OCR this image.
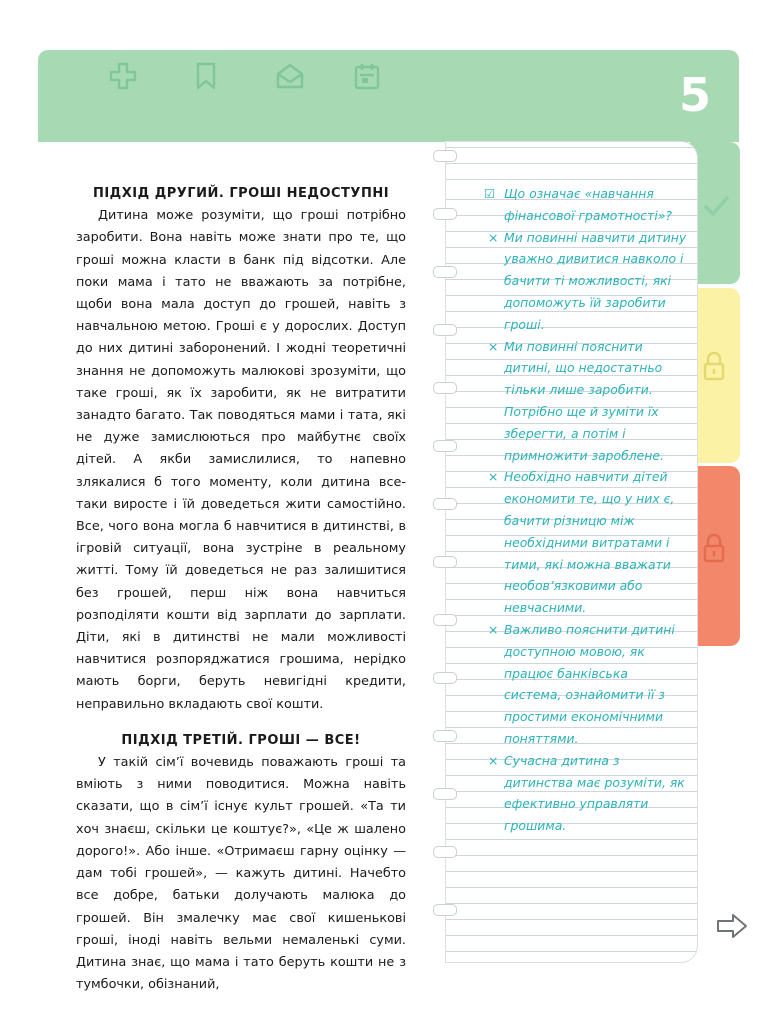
5
☑ Що означає «навчання фінансової грамотності»?
× Ми повинні навчити дитину уважно дивитися навколо і бачити ті можливості, які допоможуть їй заробити гроші.
× Ми повинні пояснити дитині, що недостатньо тільки лише заробити. Потрібно ще й зуміти їх зберегти, а потім і примножити зароблене.
× Необхідно навчити дітей економити те, що у них є, бачити різницю між необхідними витратами і тими, які можна вважати необов’язковими або невчасними.
× Важливо пояснити дитині доступною мовою, як працює банківська система, ознайомити її з простими економічними поняттями.
× Сучасна дитина з дитинства має розуміти, як ефективно управляти грошима.
ПІДХІД ДРУГИЙ. ГРОШІ НЕДОСТУПНІ

Дитина може розуміти, що гроші потрібно заробити. Вона навіть може знати про те, що гроші можна класти в банк під відсотки. Але поки мама і тато не вважають за потрібне, щоби вона мала доступ до грошей, навіть з навчальною метою. Гроші є у дорослих. Доступ до них дитині заборонений. І жодні теоретичні знання не допоможуть малюкові зрозуміти, що таке гроші, як їх заробити, як не витратити занадто багато. Так поводяться мами і тата, які не дуже замислюються про майбутнє своїх дітей. А якби замислилися, то напевно злякалися б того моменту, коли дитина все-таки виросте і їй доведеться жити самостійно. Все, чого вона могла б навчитися в дитинстві, в ігровій ситуації, вона зустріне в реальному житті. Тому їй доведеться не раз залишитися без грошей, перш ніж вона навчиться розподіляти кошти від зарплати до зарплати. Діти, які в дитинстві не мали можливості навчитися розпоряджатися грошима, нерідко мають борги, беруть невигідні кредити, неправильно вкладають свої кошти.

ПІДХІД ТРЕТІЙ. ГРОШІ — ВСЕ!

У такій сім’ї вочевидь поважають гроші та вміють з ними поводитися. Можна навіть сказати, що в сім’ї існує культ грошей. «Та ти хоч знаєш, скільки це коштує?», «Це ж шалено дорого!». Або інше. «Отримаєш гарну оцінку — дам тобі грошей», — кажуть дитині. Начебто все добре, батьки долучають малюка до грошей. Він змалечку має свої кишенькові гроші, іноді навіть вельми немаленькі суми. Дитина знає, що мама і тато беруть кошти не з тумбочки, обізнаний,
